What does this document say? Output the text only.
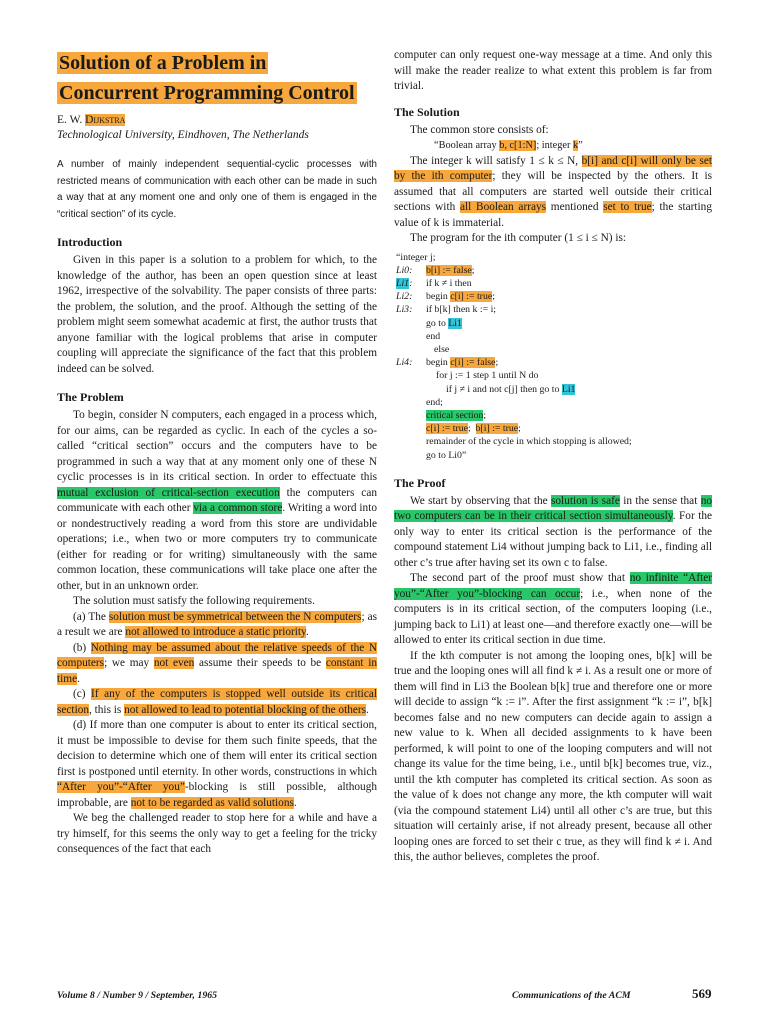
Solution of a Problem in
Concurrent Programming Control
E. W. Dijkstra
Technological University, Eindhoven, The Netherlands

A number of mainly independent sequential-cyclic processes with restricted means of communication with each other can be made in such a way that at any moment one and only one of them is engaged in the “critical section” of its cycle.

Introduction

Given in this paper is a solution to a problem for which, to the knowledge of the author, has been an open question since at least 1962, irrespective of the solvability. The paper consists of three parts: the problem, the solution, and the proof. Although the setting of the problem might seem somewhat academic at first, the author trusts that anyone familiar with the logical problems that arise in computer coupling will appreciate the significance of the fact that this problem indeed can be solved.

The Problem

To begin, consider N computers, each engaged in a process which, for our aims, can be regarded as cyclic. In each of the cycles a so-called “critical section” occurs and the computers have to be programmed in such a way that at any moment only one of these N cyclic processes is in its critical section. In order to effectuate this mutual exclusion of critical-section execution the computers can communicate with each other via a common store. Writing a word into or nondestructively reading a word from this store are undividable operations; i.e., when two or more computers try to communicate (either for reading or for writing) simultaneously with the same common location, these communications will take place one after the other, but in an unknown order.

The solution must satisfy the following requirements.

(a) The solution must be symmetrical between the N computers; as a result we are not allowed to introduce a static priority.

(b) Nothing may be assumed about the relative speeds of the N computers; we may not even assume their speeds to be constant in time.

(c) If any of the computers is stopped well outside its critical section, this is not allowed to lead to potential blocking of the others.

(d) If more than one computer is about to enter its critical section, it must be impossible to devise for them such finite speeds, that the decision to determine which one of them will enter its critical section first is postponed until eternity. In other words, constructions in which “After you”-“After you”-blocking is still possible, although improbable, are not to be regarded as valid solutions.

We beg the challenged reader to stop here for a while and have a try himself, for this seems the only way to get a feeling for the tricky consequences of the fact that each

computer can only request one-way message at a time. And only this will make the reader realize to what extent this problem is far from trivial.

The Solution

The common store consists of:

“Boolean array b, c[1:N]; integer k”

The integer k will satisfy 1 ≤ k ≤ N, b[i] and c[i] will only be set by the ith computer; they will be inspected by the others. It is assumed that all computers are started well outside their critical sections with all Boolean arrays mentioned set to true; the starting value of k is immaterial.

The program for the ith computer (1 ≤ i ≤ N) is:

“integer j;
Li0: b[i] := false;
Li1: if k ≠ i then
Li2: begin c[i] := true;
Li3: if b[k] then k := i;
go to Li1
end
else
Li4: begin c[i] := false;
for j := 1 step 1 until N do
if j ≠ i and not c[j] then go to Li1
end;
critical section;
c[i] := true;  b[i] := true;
remainder of the cycle in which stopping is allowed;
go to Li0”
The Proof

We start by observing that the solution is safe in the sense that no two computers can be in their critical section simultaneously. For the only way to enter its critical section is the performance of the compound statement Li4 without jumping back to Li1, i.e., finding all other c’s true after having set its own c to false.

The second part of the proof must show that no infinite “After you”-“After you”-blocking can occur; i.e., when none of the computers is in its critical section, of the computers looping (i.e., jumping back to Li1) at least one—and therefore exactly one—will be allowed to enter its critical section in due time.

If the kth computer is not among the looping ones, b[k] will be true and the looping ones will all find k ≠ i. As a result one or more of them will find in Li3 the Boolean b[k] true and therefore one or more will decide to assign “k := i”. After the first assignment “k := i”, b[k] becomes false and no new computers can decide again to assign a new value to k. When all decided assignments to k have been performed, k will point to one of the looping computers and will not change its value for the time being, i.e., until b[k] becomes true, viz., until the kth computer has completed its critical section. As soon as the value of k does not change any more, the kth computer will wait (via the compound statement Li4) until all other c’s are true, but this situation will certainly arise, if not already present, because all other looping ones are forced to set their c true, as they will find k ≠ i. And this, the author believes, completes the proof.

Volume 8 / Number 9 / September, 1965	Communications of the ACM	569
